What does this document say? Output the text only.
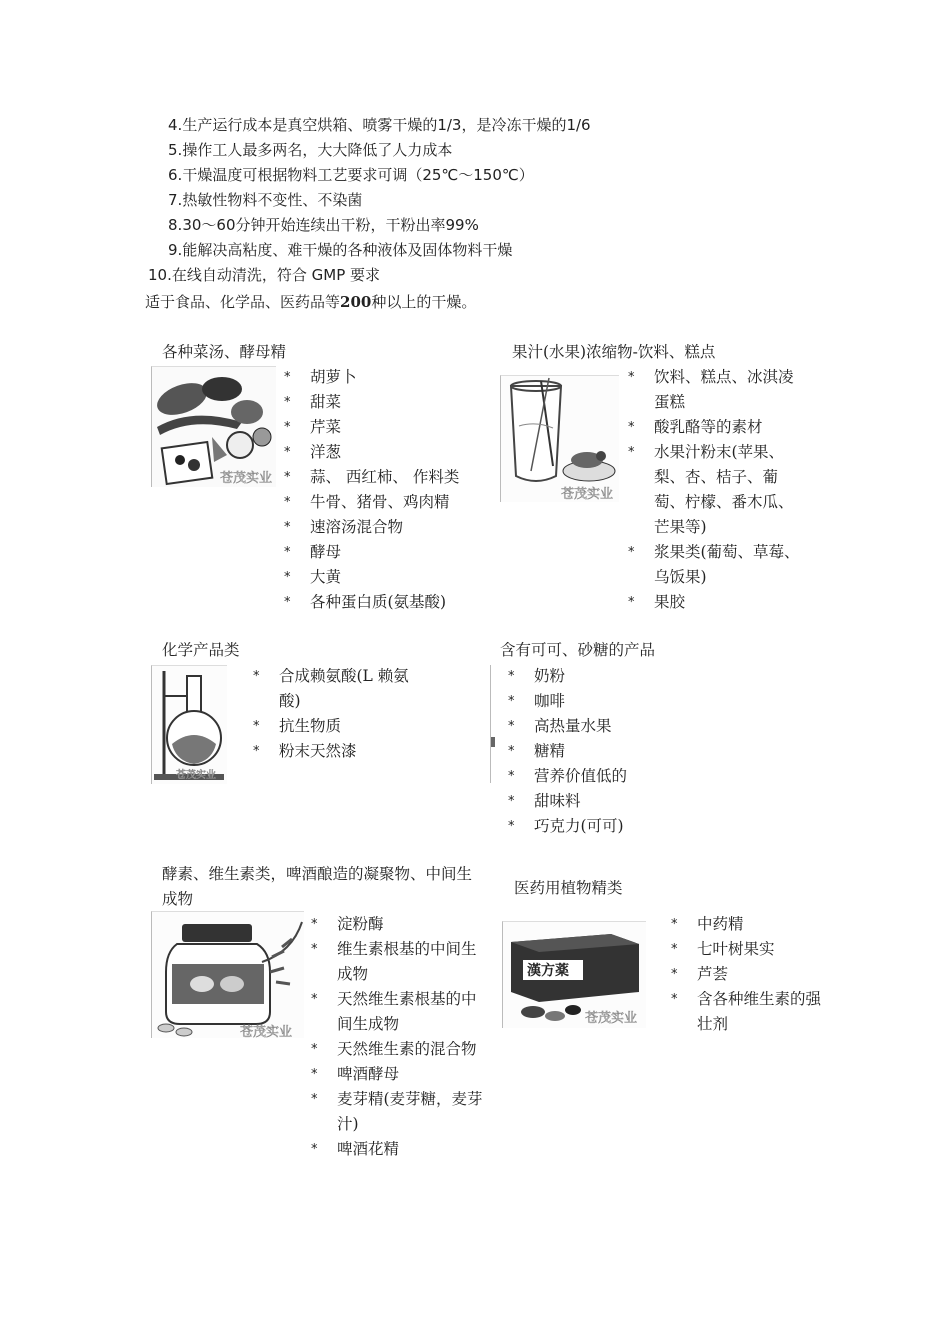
4.生产运行成本是真空烘箱、喷雾干燥的1/3，是冷冻干燥的1/6
5.操作工人最多两名，大大降低了人力成本
6.干燥温度可根据物料工艺要求可调（25℃～150℃）
7.热敏性物料不变性、不染菌
8.30～60分钟开始连续出干粉，干粉出率99%
9.能解决高粘度、难干燥的各种液体及固体物料干燥
10.在线自动清洗，符合 GMP 要求
适于食品、化学品、医药品等200种以上的干燥。
各种菜汤、酵母精
苍茂实业
* 胡萝卜
* 甜菜
* 芹菜
* 洋葱
* 蒜、 西红柿、 作料类
* 牛骨、猪骨、鸡肉精
* 速溶汤混合物
* 酵母
* 大黄
* 各种蛋白质(氨基酸)
果汁(水果)浓缩物-饮料、糕点
苍茂实业
* 饮料、糕点、冰淇凌蛋糕
* 酸乳酪等的素材
* 水果汁粉末(苹果、梨、杏、桔子、葡萄、柠檬、番木瓜、芒果等)
* 浆果类(葡萄、草莓、乌饭果)
* 果胶
化学产品类
苍茂实业
* 合成赖氨酸(L 赖氨酸)
* 抗生物质
* 粉末天然漆
含有可可、砂糖的产品
* 奶粉
* 咖啡
* 高热量水果
* 糖精
* 营养价值低的
* 甜味料
* 巧克力(可可)
酵素、维生素类，啤酒酿造的凝聚物、中间生成物
苍茂实业
* 淀粉酶
* 维生素根基的中间生成物
* 天然维生素根基的中间生成物
* 天然维生素的混合物
* 啤酒酵母
* 麦芽精(麦芽糖，麦芽汁)
* 啤酒花精
医药用植物精类
漢方薬
苍茂实业
* 中药精
* 七叶树果实
* 芦荟
* 含各种维生素的强壮剂
